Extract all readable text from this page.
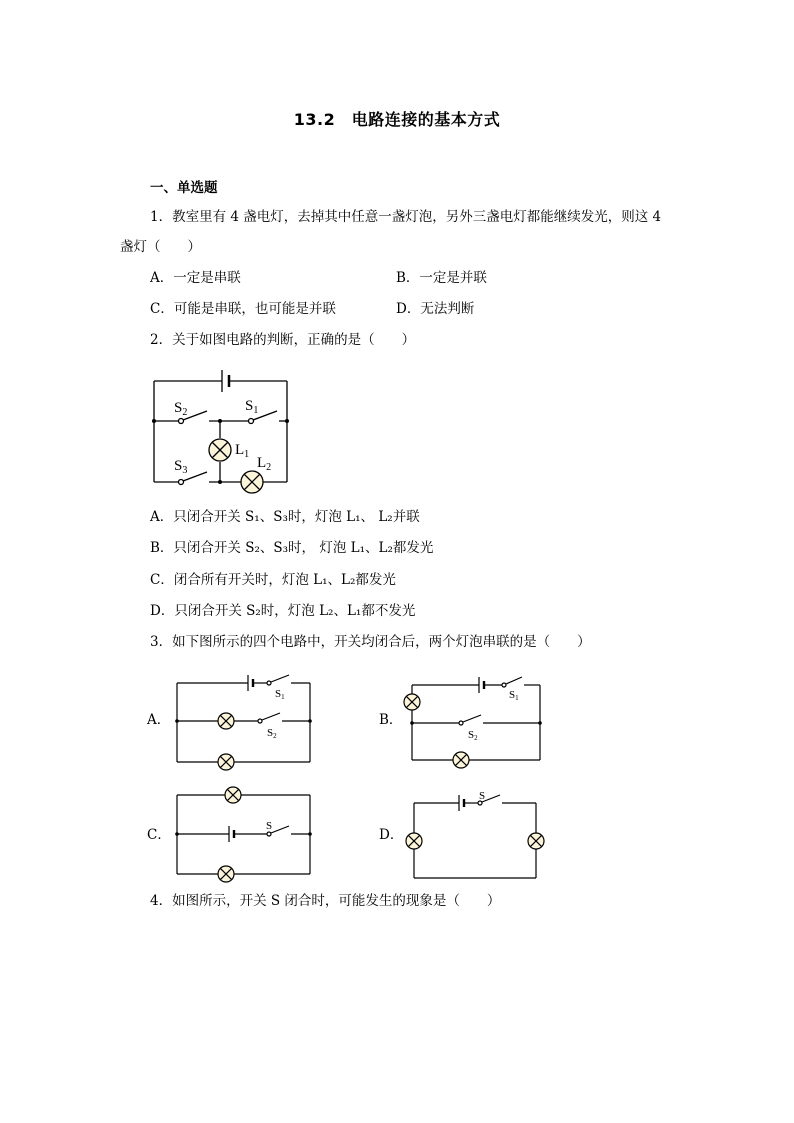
13.2　电路连接的基本方式
一、单选题
1．教室里有 4 盏电灯，去掉其中任意一盏灯泡，另外三盏电灯都能继续发光，则这 4
盏灯（　　）
A．一定是串联	B．一定是并联
C．可能是串联，也可能是并联	D．无法判断
2．关于如图电路的判断，正确的是（　　）
$S_2$	$S_1$
$S_3$
$L_1$
$L_2$
A．只闭合开关 S₁、S₃时，灯泡 L₁、 L₂并联
B．只闭合开关 S₂、S₃时， 灯泡 L₁、L₂都发光
C．闭合所有开关时，灯泡 L₁、L₂都发光
D．只闭合开关 S₂时，灯泡 L₂、L₁都不发光
3．如下图所示的四个电路中，开关均闭合后，两个灯泡串联的是（　　）
A．	B．
C．	D．
S1
S2
S1
S2
S
S
4．如图所示，开关 S 闭合时，可能发生的现象是（　　）
